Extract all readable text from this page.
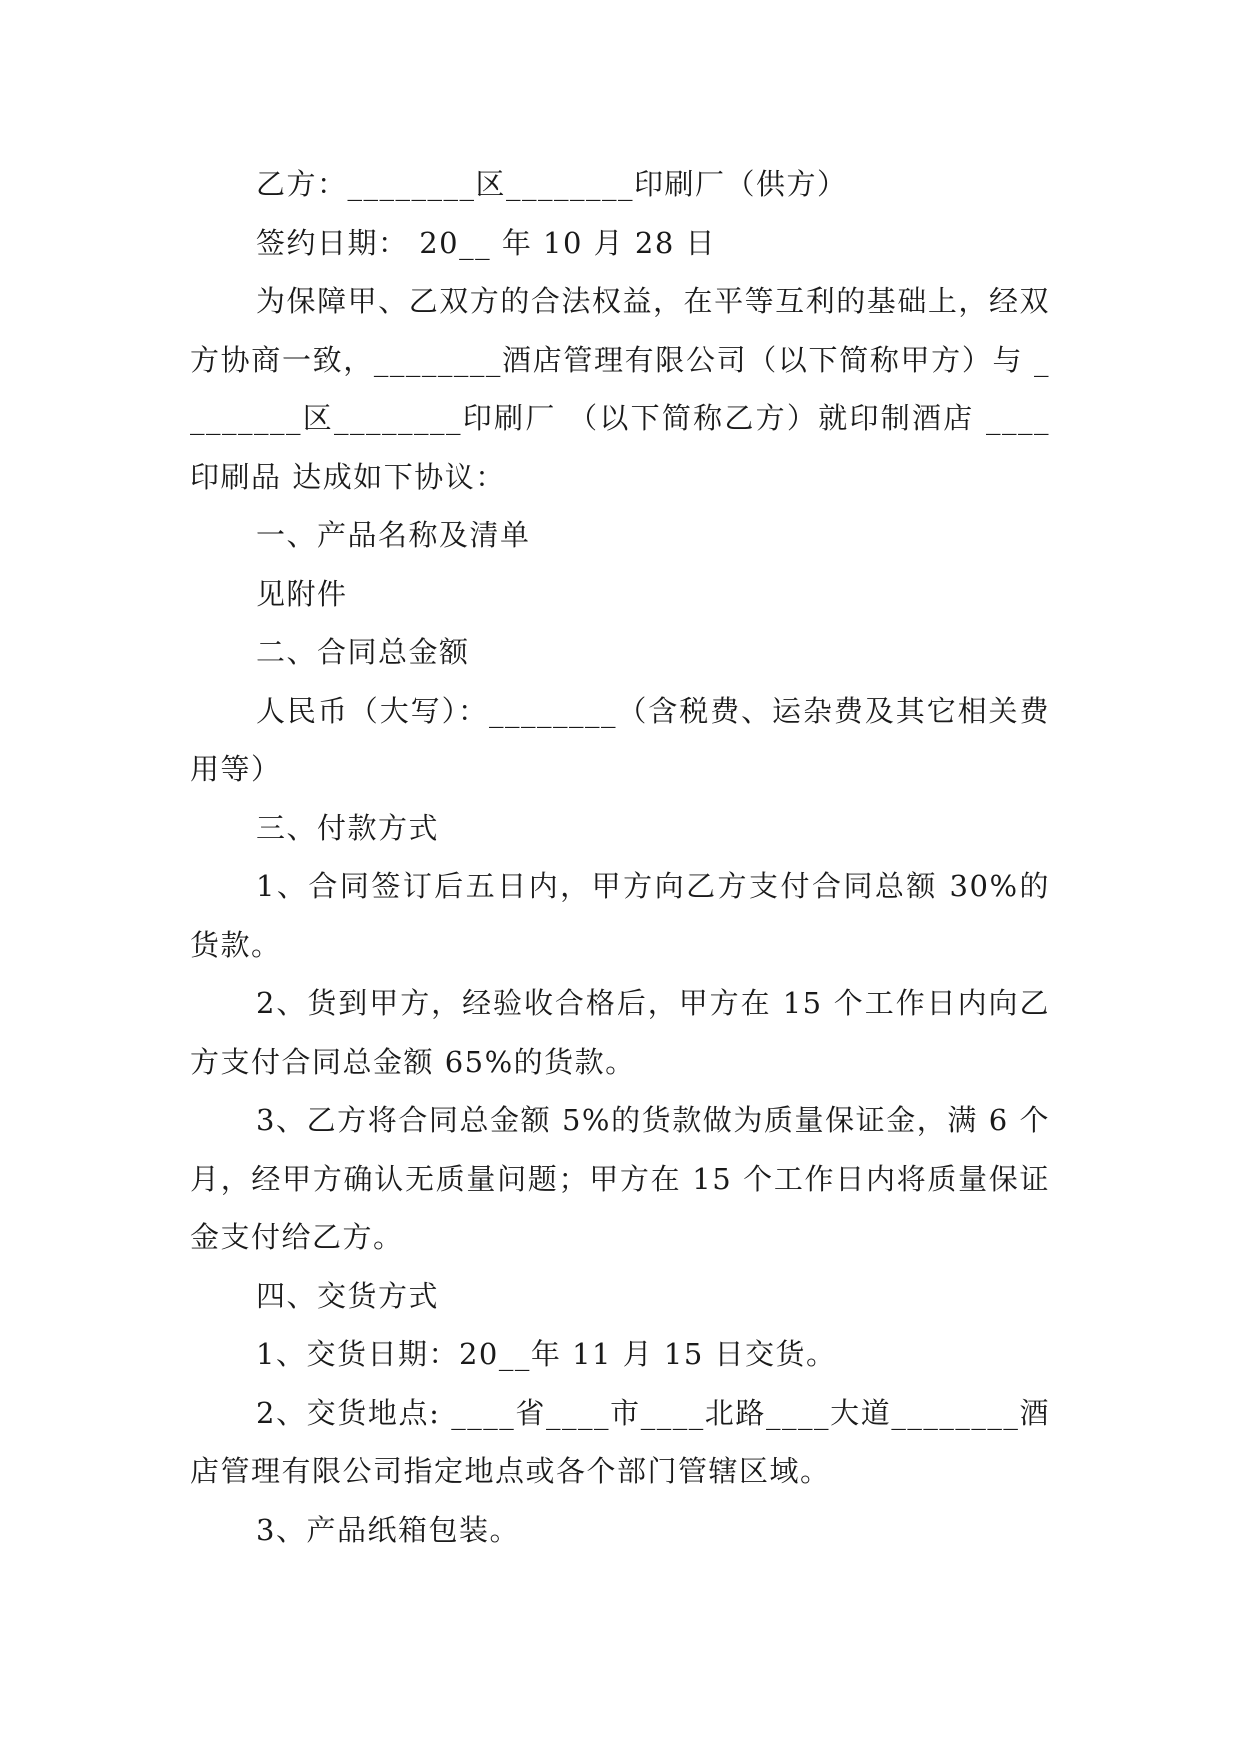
乙方：________区________印刷厂（供方）

签约日期： 20__ 年 10 月 28 日

为保障甲、乙双方的合法权益，在平等互利的基础上，经双方协商一致，________酒店管理有限公司（以下简称甲方）与 ________区________印刷厂 （以下简称乙方）就印制酒店 ____印刷品 达成如下协议：

一、产品名称及清单

见附件

二、合同总金额

人民币（大写）：________（含税费、运杂费及其它相关费用等）

三、付款方式

1、合同签订后五日内，甲方向乙方支付合同总额 30%的货款。

2、货到甲方，经验收合格后，甲方在 15 个工作日内向乙方支付合同总金额 65%的货款。

3、乙方将合同总金额 5%的货款做为质量保证金，满 6 个月，经甲方确认无质量问题；甲方在 15 个工作日内将质量保证金支付给乙方。

四、交货方式

1、交货日期：20__年 11 月 15 日交货。

2、交货地点: ____省____市____北路____大道________酒店管理有限公司指定地点或各个部门管辖区域。

3、产品纸箱包装。
